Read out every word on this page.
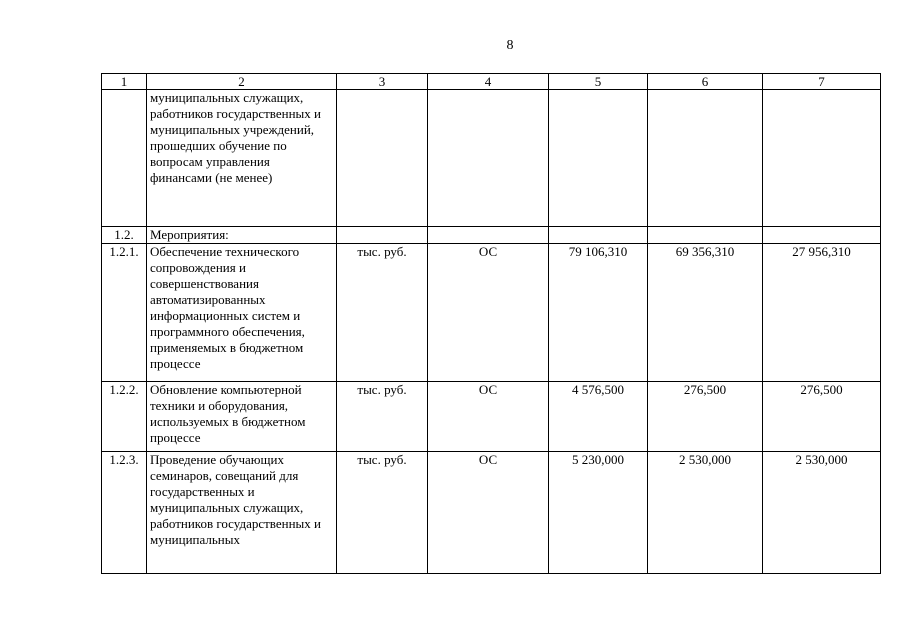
8
1	2	3	4	5	6	7
	муниципальных служащих, работников государственных и муниципальных учреждений, прошедших обучение по вопросам управления финансами (не менее)					
1.2.	Мероприятия:					
1.2.1.	Обеспечение технического сопровождения и совершенствования автоматизированных информационных систем и программного обеспечения, применяемых в бюджетном процессе	тыс. руб.	ОС	79 106,310	69 356,310	27 956,310
1.2.2.	Обновление компьютерной техники и оборудования, используемых в бюджетном процессе	тыс. руб.	ОС	4 576,500	276,500	276,500
1.2.3.	Проведение обучающих семинаров, совещаний для государственных и муниципальных служащих, работников государственных и муниципальных	тыс. руб.	ОС	5 230,000	2 530,000	2 530,000
